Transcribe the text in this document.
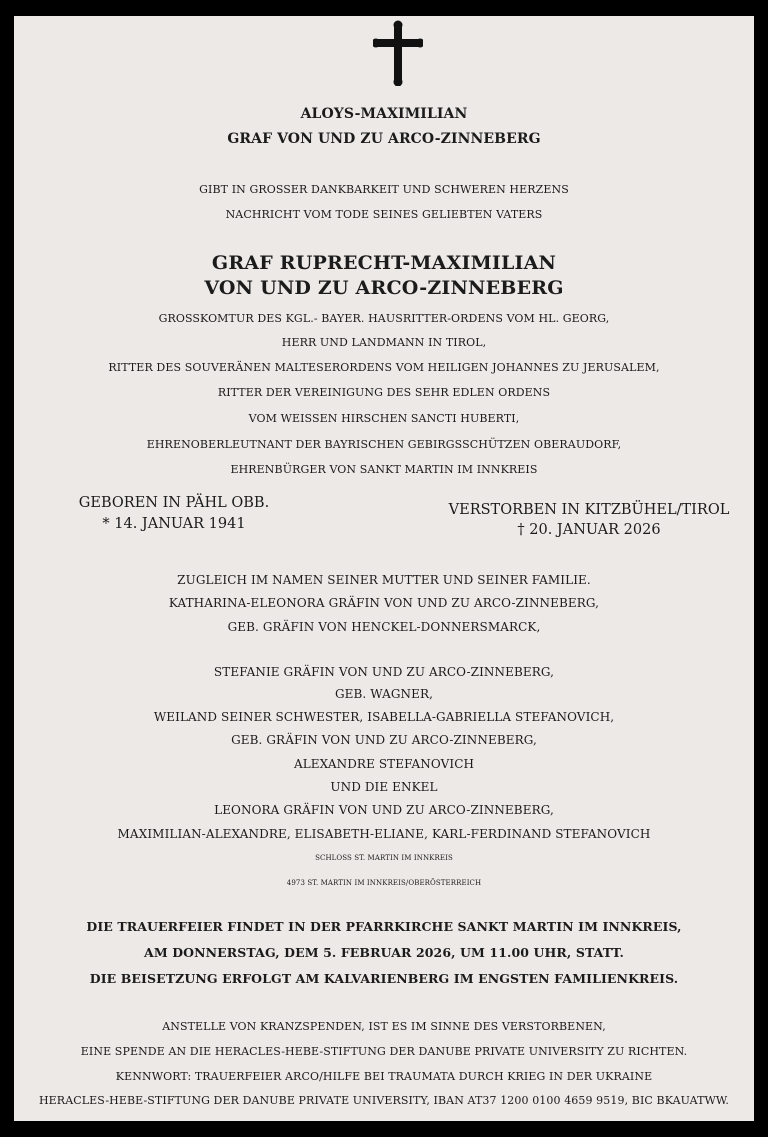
ALOYS-MAXIMILIAN
GRAF VON UND ZU ARCO-ZINNEBERG
GIBT IN GROSSER DANKBARKEIT UND SCHWEREN HERZENS
NACHRICHT VOM TODE SEINES GELIEBTEN VATERS
GRAF RUPRECHT-MAXIMILIAN
VON UND ZU ARCO-ZINNEBERG
GROSSKOMTUR DES KGL.- BAYER. HAUSRITTER-ORDENS VOM HL. GEORG,
HERR UND LANDMANN IN TIROL,
RITTER DES SOUVERÄNEN MALTESERORDENS VOM HEILIGEN JOHANNES ZU JERUSALEM,
RITTER DER VEREINIGUNG DES SEHR EDLEN ORDENS
VOM WEISSEN HIRSCHEN SANCTI HUBERTI,
EHRENOBERLEUTNANT DER BAYRISCHEN GEBIRGSSCHÜTZEN OBERAUDORF,
EHRENBÜRGER VON SANKT MARTIN IM INNKREIS
GEBOREN IN PÄHL OBB.
* 14. JANUAR 1941
VERSTORBEN IN KITZBÜHEL/TIROL
† 20. JANUAR 2026
ZUGLEICH IM NAMEN SEINER MUTTER UND SEINER FAMILIE.
KATHARINA-ELEONORA GRÄFIN VON UND ZU ARCO-ZINNEBERG,
GEB. GRÄFIN VON HENCKEL-DONNERSMARCK,
STEFANIE GRÄFIN VON UND ZU ARCO-ZINNEBERG,
GEB. WAGNER,
WEILAND SEINER SCHWESTER, ISABELLA-GABRIELLA STEFANOVICH,
GEB. GRÄFIN VON UND ZU ARCO-ZINNEBERG,
ALEXANDRE STEFANOVICH
UND DIE ENKEL
LEONORA GRÄFIN VON UND ZU ARCO-ZINNEBERG,
MAXIMILIAN-ALEXANDRE, ELISABETH-ELIANE, KARL-FERDINAND STEFANOVICH
SCHLOSS ST. MARTIN IM INNKREIS
4973 ST. MARTIN IM INNKREIS/OBERÖSTERREICH
DIE TRAUERFEIER FINDET IN DER PFARRKIRCHE SANKT MARTIN IM INNKREIS,
AM DONNERSTAG, DEM 5. FEBRUAR 2026, UM 11.00 UHR, STATT.
DIE BEISETZUNG ERFOLGT AM KALVARIENBERG IM ENGSTEN FAMILIENKREIS.
ANSTELLE VON KRANZSPENDEN, IST ES IM SINNE DES VERSTORBENEN,
EINE SPENDE AN DIE HERACLES-HEBE-STIFTUNG DER DANUBE PRIVATE UNIVERSITY ZU RICHTEN.
KENNWORT: TRAUERFEIER ARCO/HILFE BEI TRAUMATA DURCH KRIEG IN DER UKRAINE
HERACLES-HEBE-STIFTUNG DER DANUBE PRIVATE UNIVERSITY, IBAN AT37 1200 0100 4659 9519, BIC BKAUATWW.
